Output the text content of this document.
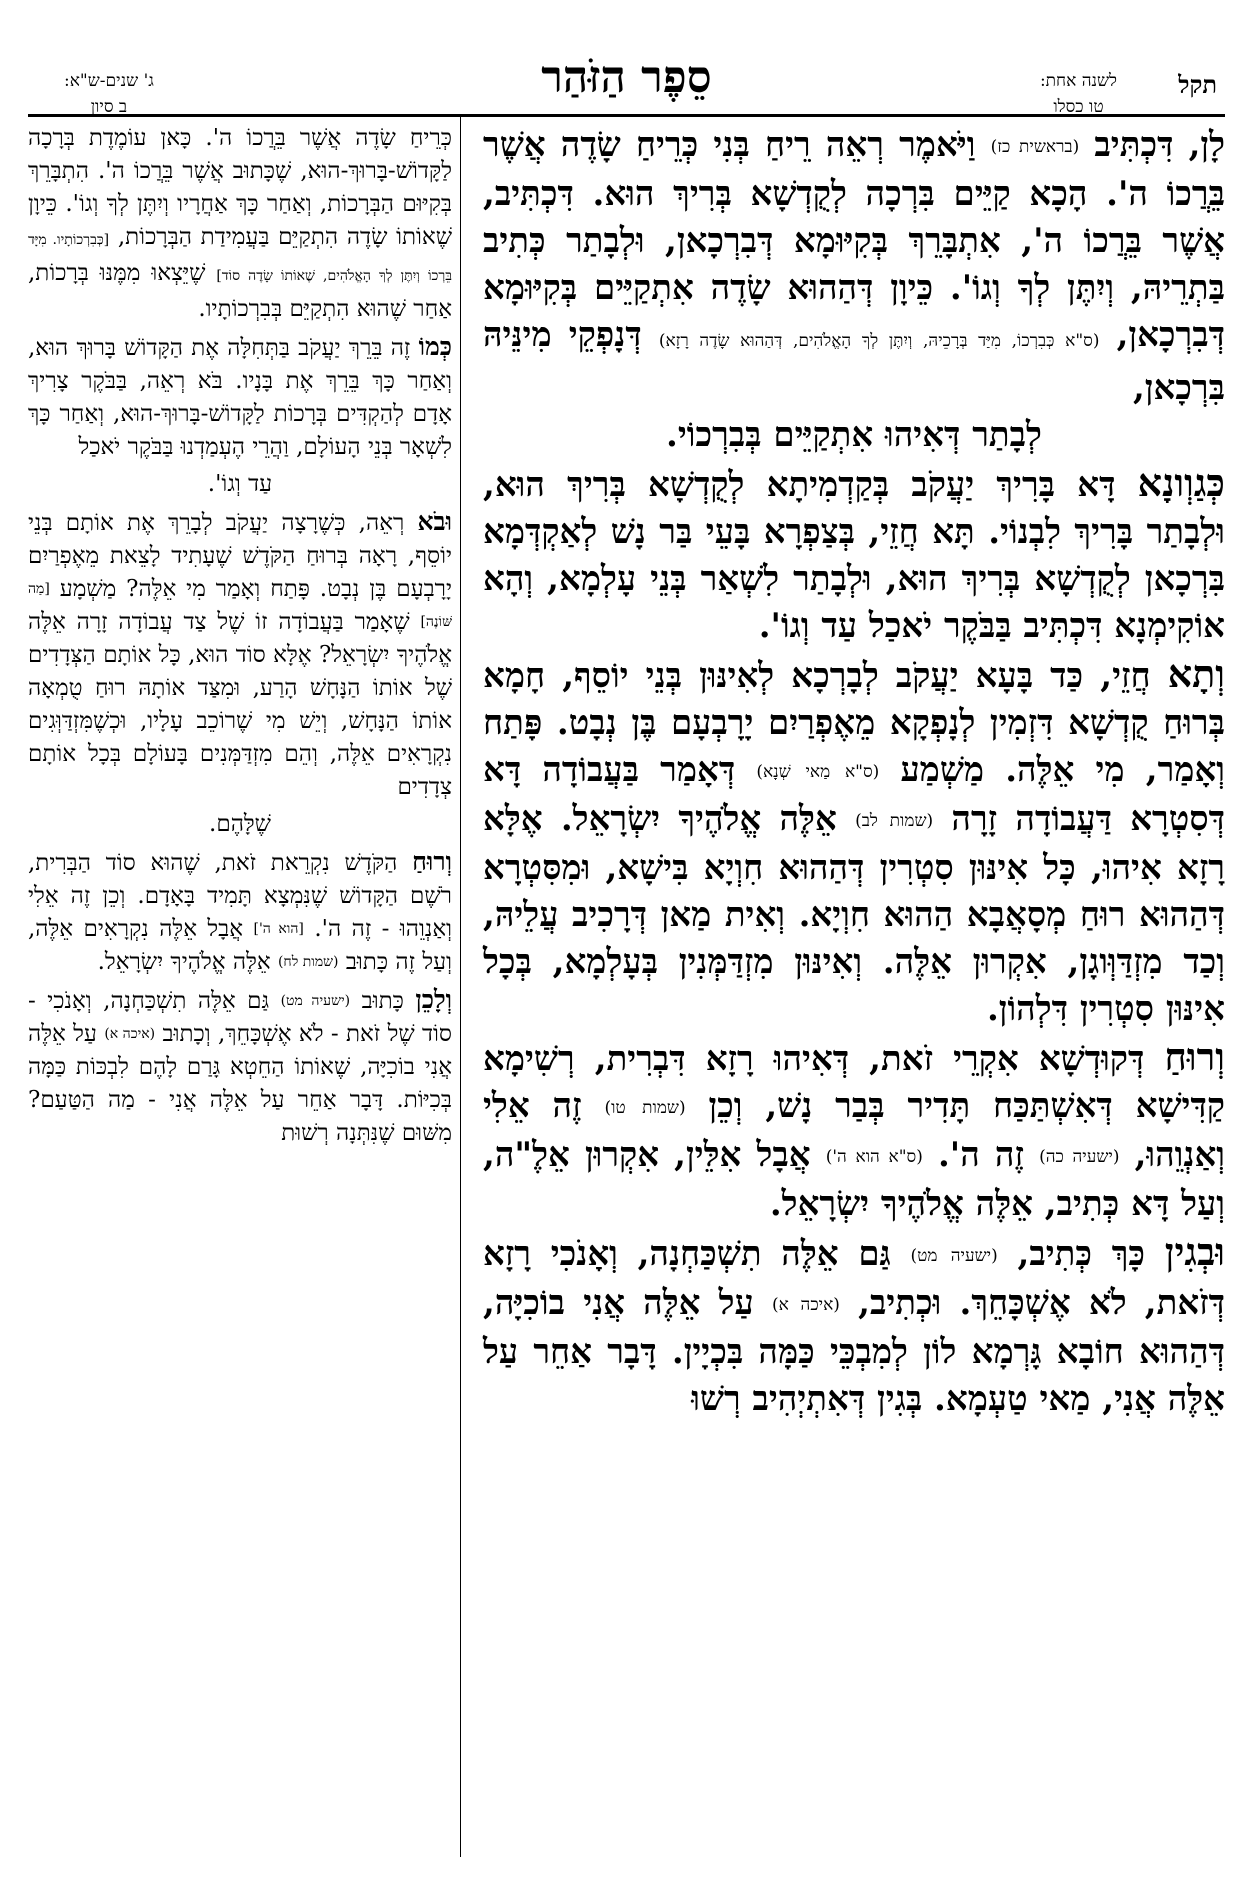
תקל
לשנה אחת:
טו כסלו
סֵפֶר הַזֹּהַר
ג' שנים-ש"א:
ב סיון

לָן, דִּכְתִּיב (בראשית כז) וַיֹּאמֶר רְאֵה רֵיחַ בְּנִי כְּרֵיחַ שָׂדֶה אֲשֶׁר בֵּרֲכוֹ ה'. הָכָא קַיֵּים בִּרְכָה לְקֻדְשָׁא בְּרִיךְ הוּא. דִּכְתִּיב, אֲשֶׁר בֵּרֲכוֹ ה', אִתְבָּרֵךְ בְּקִיּוּמָא דְּבִרְכָאן, וּלְבָתַר כְּתִיב בַּתְרֵיהּ, וְיִתֶּן לְךָ וְגוֹ'. כֵּיוָן דְּהַהוּא שָׂדֶה אִתְקַיֵּים בְּקִיּוּמָא דְּבִרְכָאן, (ס"א כְּבִרְכוֹ, מִיַּד בְּרָכֵיהּ, וְיִתֶּן לְךָ הָאֱלֹהִים, דְּהַהוּא שָׂדֶה רָזָא) דְּנָפְקֵי מִינֵּיהּ בִּרְכָאן,

לְבָתַר דְּאִיהוּ אִתְקַיֵּים בְּבִרְכוֹי.

כְּגַוְונָא דָּא בָּרִיךְ יַעֲקֹב בְּקַדְמִיתָא לְקֻדְשָׁא בְּרִיךְ הוּא, וּלְבָתַר בָּרִיךְ לִבְנוֹי. תָּא חֲזֵי, בְּצַפְרָא בָּעֵי בַּר נָשׁ לְאַקְדְּמָא בִּרְכָאן לְקֻדְשָׁא בְּרִיךְ הוּא, וּלְבָתַר לִשְׁאַר בְּנֵי עָלְמָא, וְהָא אוֹקִימְנָא דִּכְתִּיב בַּבֹּקֶר יֹאכַל עַד וְגוֹ'.

וְתָא חֲזֵי, כַּד בָּעָא יַעֲקֹב לְבָרְכָא לְאִינּוּן בְּנֵי יוֹסֵף, חָמָא בְּרוּחַ קֻדְשָׁא דִּזְמִין לְנָפְקָא מֵאֶפְרַיִם יָרָבְעָם בֶּן נְבָט. פָּתַח וְאָמַר, מִי אֵלֶּה. מַשְׁמַע (ס"א מַאי שְׁנָא) דְּאָמַר בַּעֲבוֹדָה דָּא דְּסִטְרָא דַּעֲבוֹדָה זָרָה (שמות לב) אֵלֶּה אֱלֹהֶיךָ יִשְׂרָאֵל. אֶלָּא רָזָא אִיהוּ, כָּל אִינּוּן סִטְרִין דְּהַהוּא חִוְיָא בִּישָׁא, וּמִסִּטְרָא דְּהַהוּא רוּחַ מְסָאֲבָא הַהוּא חִוְיָא. וְאִית מַאן דְּרָכִיב עֲלֵיהּ, וְכַד מִזְדַּוְּוגָן, אִקְרוּן אֵלֶּה. וְאִינּוּן מִזְדַּמְּנִין בְּעָלְמָא, בְּכָל אִינּוּן סִטְרִין דִּלְהוֹן.

וְרוּחַ דְּקוּדְשָׁא אִקְרֵי זֹאת, דְּאִיהוּ רָזָא דִּבְרִית, רְשִׁימָא קַדִּישָׁא דְּאִשְׁתַּכַּח תָּדִיר בְּבַר נָשׁ, וְכֵן (שמות טו) זֶה אֵלִי וְאַנְוֵהוּ, (ישעיה כה) זֶה ה'. (ס"א הוא ה') אֲבָל אִלֵּין, אִקְרוּן אֵלֶ"ה, וְעַל דָּא כְּתִיב, אֵלֶּה אֱלֹהֶיךָ יִשְׂרָאֵל.

וּבְגִין כָּךְ כְּתִיב, (ישעיה מט) גַּם אֵלֶּה תִשְׁכַּחְנָה, וְאָנֹכִי רָזָא דְּזֹאת, לֹא אֶשְׁכָּחֵךְ. וּכְתִיב, (איכה א) עַל אֵלֶּה אֲנִי בוֹכִיָּה, דְּהַהוּא חוֹבָא גָּרְמָא לוֹן לְמִבְכֵּי כַּמָּה בִּכְיָין. דָּבָר אַחֵר עַל אֵלֶּה אֲנִי, מַאי טַעְמָא. בְּגִין דְּאִתְיְהִיב רְשׁוּ

כְּרֵיחַ שָׂדֶה אֲשֶׁר בֵּרֲכוֹ ה'. כָּאן עוֹמֶדֶת בְּרָכָה לַקָּדוֹשׁ-בָּרוּךְ-הוּא, שֶׁכָּתוּב אֲשֶׁר בֵּרֲכוֹ ה'. הִתְבָּרֵךְ בְּקִיּוּם הַבְּרָכוֹת, וְאַחַר כָּךְ אַחֲרָיו וְיִתֶּן לְךָ וְגוֹ'. כֵּיוָן שֶׁאוֹתוֹ שָׂדֶה הִתְקַיֵּם בַּעֲמִידַת הַבְּרָכוֹת, [כְּבִרְכוֹתָיו. מִיָּד בֵּרְכוֹ וְיִתֶּן לְךָ הָאֱלֹהִים, שֶׁאוֹתוֹ שָׂדֶה סוֹד] שֶׁיֵּצְאוּ מִמֶּנּוּ בְּרָכוֹת, אַחַר שֶׁהוּא הִתְקַיֵּם בְּבִרְכוֹתָיו.

כְּמוֹ זֶה בֵּרֵךְ יַעֲקֹב בַּתְּחִלָּה אֶת הַקָּדוֹשׁ בָּרוּךְ הוּא, וְאַחַר כָּךְ בֵּרֵךְ אֶת בָּנָיו. בֹּא רְאֵה, בַּבֹּקֶר צָרִיךְ אָדָם לְהַקְדִּים בְּרָכוֹת לַקָּדוֹשׁ-בָּרוּךְ-הוּא, וְאַחַר כָּךְ לִשְׁאָר בְּנֵי הָעוֹלָם, וַהֲרֵי הֶעְמַדְנוּ בַּבֹּקֶר יֹאכַל

עַד וְגוֹ'.

וּבֹא רְאֵה, כְּשֶׁרָצָה יַעֲקֹב לְבָרֵךְ אֶת אוֹתָם בְּנֵי יוֹסֵף, רָאָה בְּרוּחַ הַקֹּדֶשׁ שֶׁעָתִיד לָצֵאת מֵאֶפְרַיִם יָרָבְעָם בֶּן נְבָט. פָּתַח וְאָמַר מִי אֵלֶּה? מַשְׁמָע [מַה שּׁוֹנֶה] שֶׁאָמַר בַּעֲבוֹדָה זוֹ שֶׁל צַד עֲבוֹדָה זָרָה אֵלֶּה אֱלֹהֶיךָ יִשְׂרָאֵל? אֶלָּא סוֹד הוּא, כָּל אוֹתָם הַצְּדָדִים שֶׁל אוֹתוֹ הַנָּחָשׁ הָרַע, וּמִצַּד אוֹתָהּ רוּחַ טֻמְאָה אוֹתוֹ הַנָּחָשׁ, וְיֵשׁ מִי שֶׁרוֹכֵב עָלָיו, וּכְשֶׁמִּזְדַּוְּגִים נִקְרָאִים אֵלֶּה, וְהֵם מִזְדַּמְּנִים בָּעוֹלָם בְּכָל אוֹתָם צְדָדִים

שֶׁלָּהֶם.

וְרוּחַ הַקֹּדֶשׁ נִקְרֵאת זֹאת, שֶׁהוּא סוֹד הַבְּרִית, רֹשֶׁם הַקָּדוֹשׁ שֶׁנִּמְצָא תָּמִיד בָּאָדָם. וְכֵן זֶה אֵלִי וְאַנְוֵהוּ - זֶה ה'. [הוא ה'] אֲבָל אֵלֶּה נִקְרָאִים אֵלֶּה, וְעַל זֶה כָּתוּב (שמות לח) אֵלֶּה אֱלֹהֶיךָ יִשְׂרָאֵל.

וְלָכֵן כָּתוּב (ישעיה מט) גַּם אֵלֶּה תִשְׁכַּחְנָה, וְאָנֹכִי - סוֹד שֶׁל זֹאת - לֹא אֶשְׁכָּחֵךְ, וְכָתוּב (איכה א) עַל אֵלֶּה אֲנִי בוֹכִיָּה, שֶׁאוֹתוֹ הַחֵטְא גָּרַם לָהֶם לִבְכּוֹת כַּמָּה בְּכִיּוֹת. דָּבָר אַחֵר עַל אֵלֶּה אֲנִי - מַה הַטַּעַם? מִשּׁוּם שֶׁנִּתְּנָה רְשׁוּת
